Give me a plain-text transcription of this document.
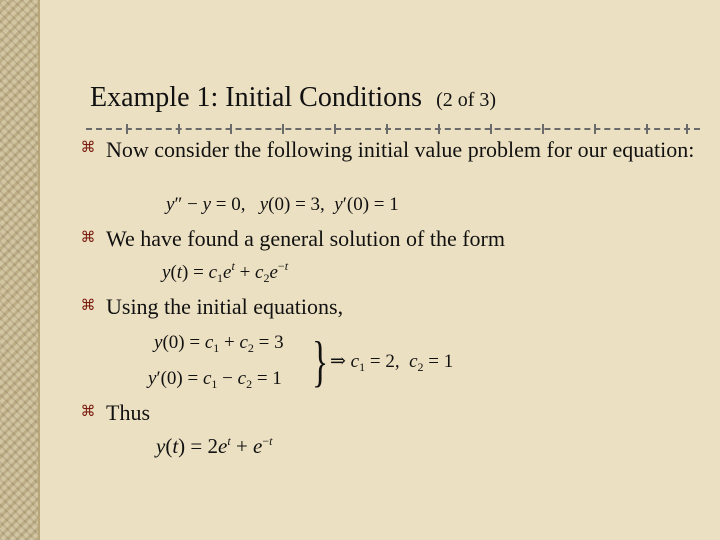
Example 1: Initial Conditions (2 of 3)
⌘ Now consider the following initial value problem for our equation:
y″ − y = 0,   y(0) = 3,  y′(0) = 1
⌘ We have found a general solution of the form
$y(t) = c_1e^t + c_2e^{-t}$
⌘ Using the initial equations,
$y(0) = c_1 + c_2 = 3$
$y'(0) = c_1 - c_2 = 1$ } ⇒ $c_1 = 2$,  $c_2 = 1$
⌘ Thus
$y(t) = 2e^t + e^{-t}$
